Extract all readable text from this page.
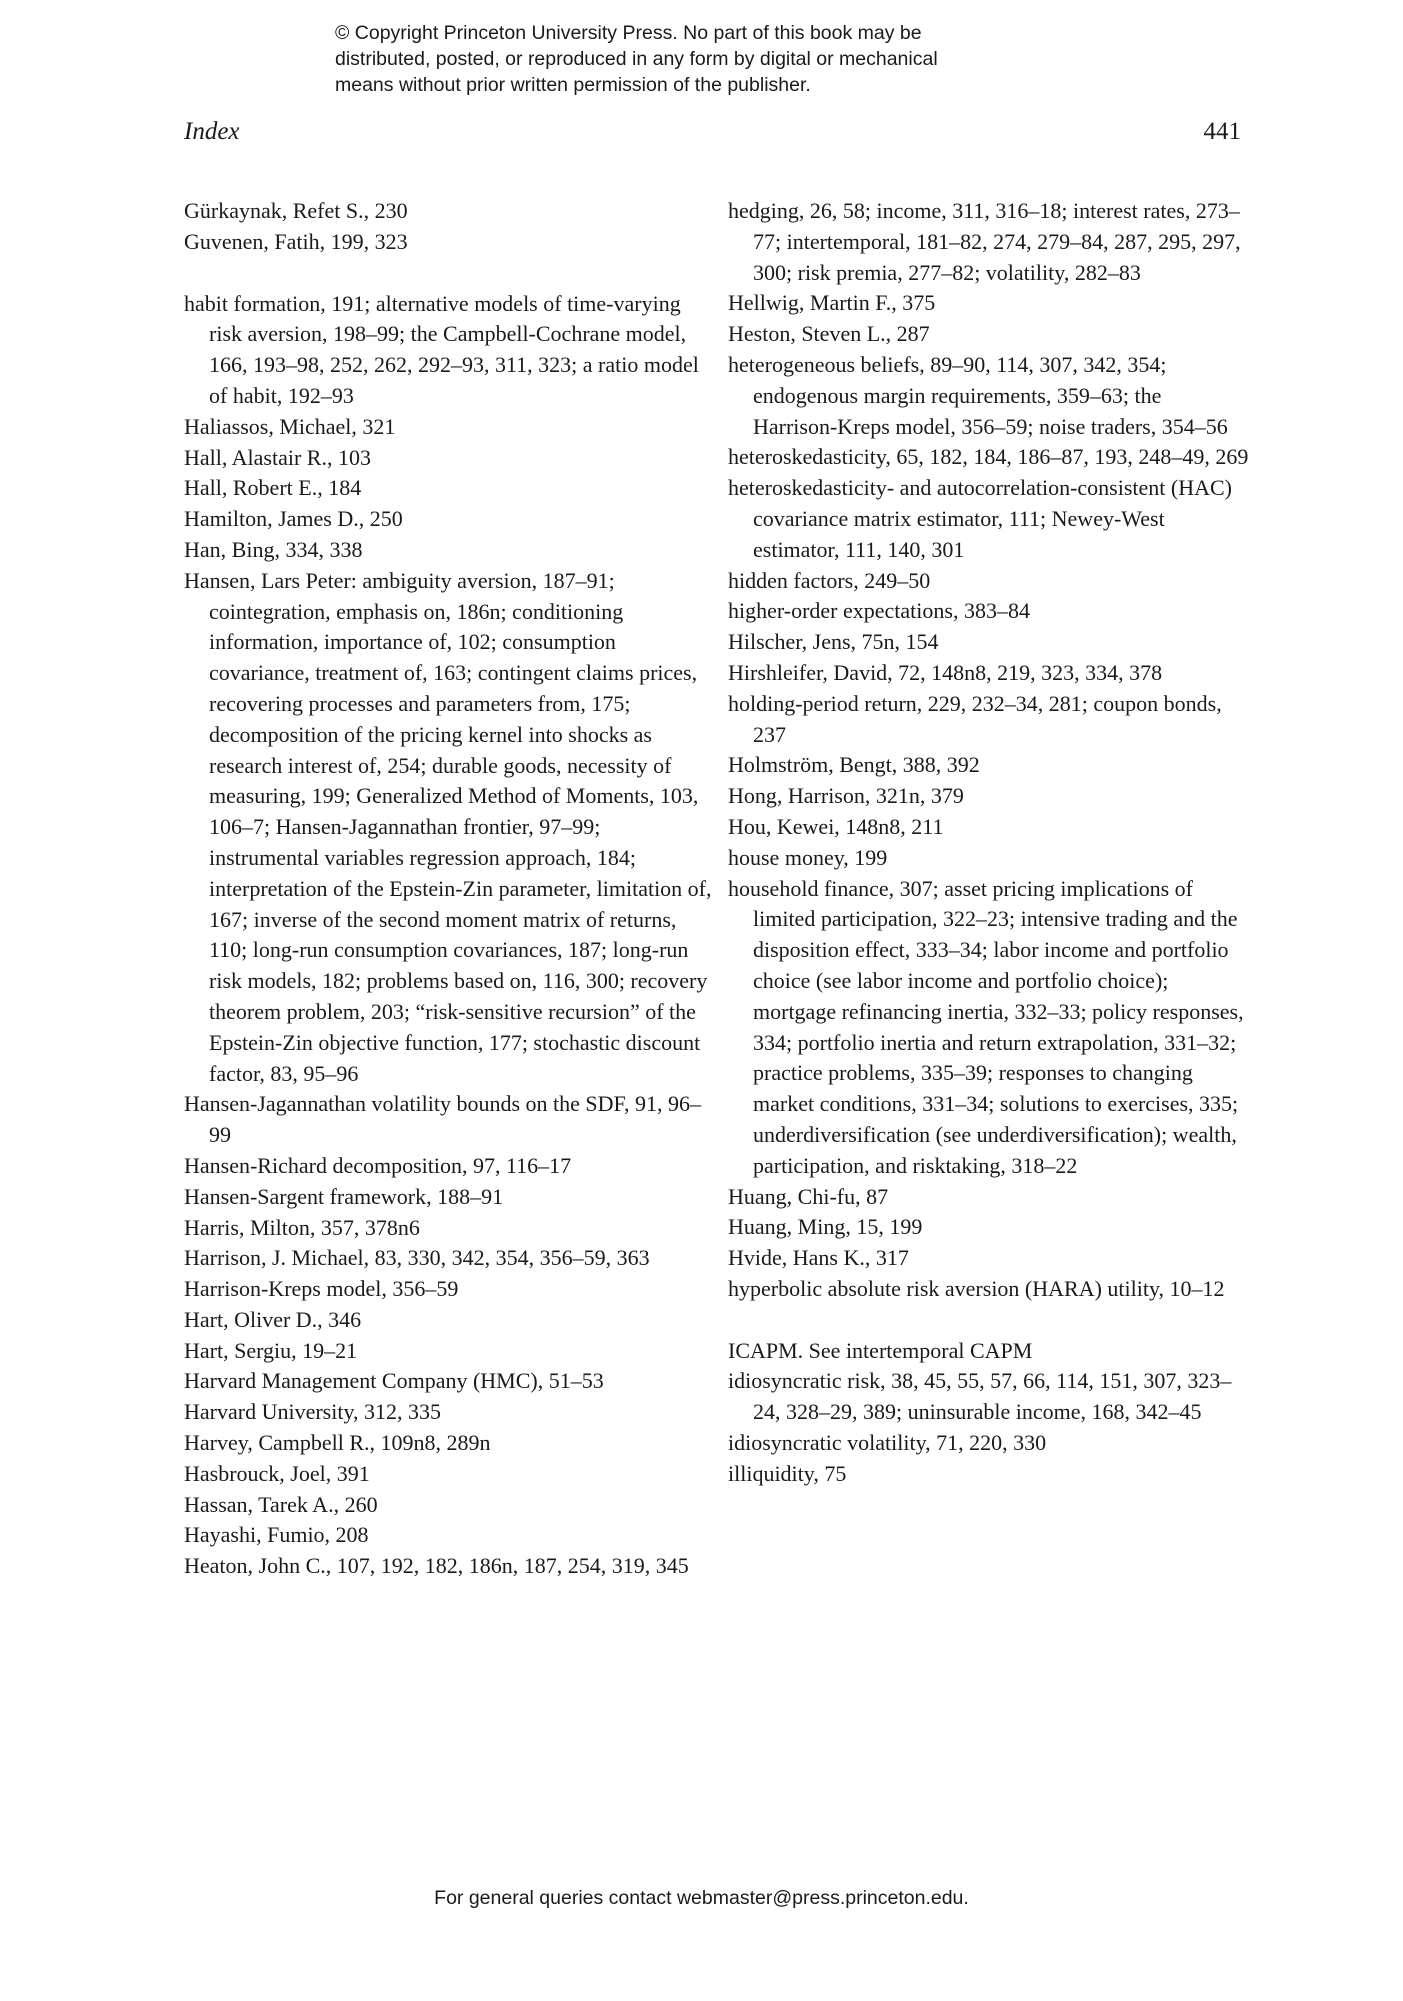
© Copyright Princeton University Press. No part of this book may be
distributed, posted, or reproduced in any form by digital or mechanical
means without prior written permission of the publisher.
Index	441
Gürkaynak, Refet S., 230
Guvenen, Fatih, 199, 323
habit formation, 191; alternative models of time-varying risk aversion, 198–99; the Campbell-Cochrane model, 166, 193–98, 252, 262, 292–93, 311, 323; a ratio model of habit, 192–93
Haliassos, Michael, 321
Hall, Alastair R., 103
Hall, Robert E., 184
Hamilton, James D., 250
Han, Bing, 334, 338
Hansen, Lars Peter: ambiguity aversion, 187–91; cointegration, emphasis on, 186n; conditioning information, importance of, 102; consumption covariance, treatment of, 163; contingent claims prices, recovering processes and parameters from, 175; decomposition of the pricing kernel into shocks as research interest of, 254; durable goods, necessity of measuring, 199; Generalized Method of Moments, 103, 106–7; Hansen-Jagannathan frontier, 97–99; instrumental variables regression approach, 184; interpretation of the Epstein-Zin parameter, limitation of, 167; inverse of the second moment matrix of returns, 110; long-run consumption covariances, 187; long-run risk models, 182; problems based on, 116, 300; recovery theorem problem, 203; “risk-sensitive recursion” of the Epstein-Zin objective function, 177; stochastic discount factor, 83, 95–96
Hansen-Jagannathan volatility bounds on the SDF, 91, 96–99
Hansen-Richard decomposition, 97, 116–17
Hansen-Sargent framework, 188–91
Harris, Milton, 357, 378n6
Harrison, J. Michael, 83, 330, 342, 354, 356–59, 363
Harrison-Kreps model, 356–59
Hart, Oliver D., 346
Hart, Sergiu, 19–21
Harvard Management Company (HMC), 51–53
Harvard University, 312, 335
Harvey, Campbell R., 109n8, 289n
Hasbrouck, Joel, 391
Hassan, Tarek A., 260
Hayashi, Fumio, 208
Heaton, John C., 107, 192, 182, 186n, 187, 254, 319, 345
hedging, 26, 58; income, 311, 316–18; interest rates, 273–77; intertemporal, 181–82, 274, 279–84, 287, 295, 297, 300; risk premia, 277–82; volatility, 282–83
Hellwig, Martin F., 375
Heston, Steven L., 287
heterogeneous beliefs, 89–90, 114, 307, 342, 354; endogenous margin requirements, 359–63; the Harrison-Kreps model, 356–59; noise traders, 354–56
heteroskedasticity, 65, 182, 184, 186–87, 193, 248–49, 269
heteroskedasticity- and autocorrelation-consistent (HAC) covariance matrix estimator, 111; Newey-West estimator, 111, 140, 301
hidden factors, 249–50
higher-order expectations, 383–84
Hilscher, Jens, 75n, 154
Hirshleifer, David, 72, 148n8, 219, 323, 334, 378
holding-period return, 229, 232–34, 281; coupon bonds, 237
Holmström, Bengt, 388, 392
Hong, Harrison, 321n, 379
Hou, Kewei, 148n8, 211
house money, 199
household finance, 307; asset pricing implications of limited participation, 322–23; intensive trading and the disposition effect, 333–34; labor income and portfolio choice (see labor income and portfolio choice); mortgage refinancing inertia, 332–33; policy responses, 334; portfolio inertia and return extrapolation, 331–32; practice problems, 335–39; responses to changing market conditions, 331–34; solutions to exercises, 335; underdiversification (see underdiversification); wealth, participation, and risktaking, 318–22
Huang, Chi-fu, 87
Huang, Ming, 15, 199
Hvide, Hans K., 317
hyperbolic absolute risk aversion (HARA) utility, 10–12
ICAPM. See intertemporal CAPM
idiosyncratic risk, 38, 45, 55, 57, 66, 114, 151, 307, 323–24, 328–29, 389; uninsurable income, 168, 342–45
idiosyncratic volatility, 71, 220, 330
illiquidity, 75
For general queries contact webmaster@press.princeton.edu.
